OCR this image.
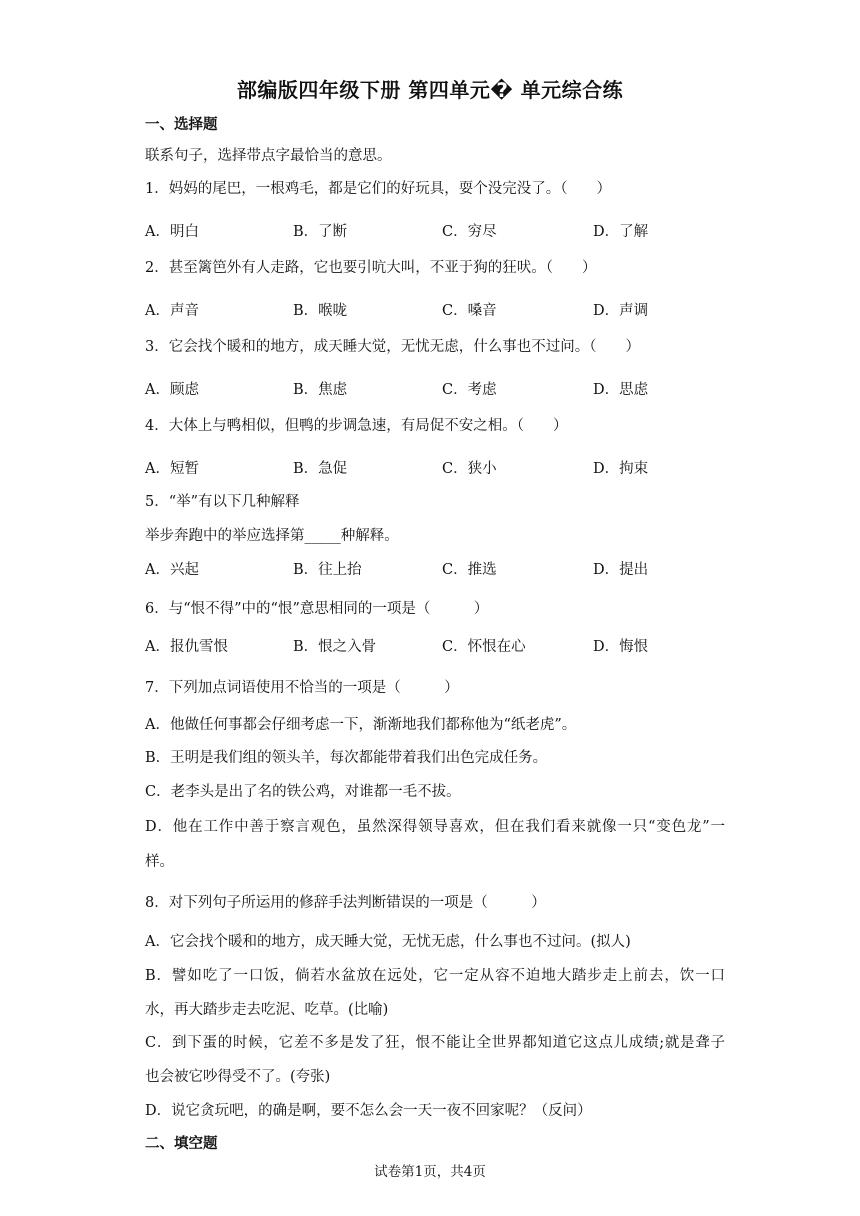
部编版四年级下册 第四单元� 单元综合练
一、选择题
联系句子，选择带点字最恰当的意思。
1．妈妈的尾巴，一根鸡毛，都是它们的好玩具，耍个没完没了。（　　）
A．明白	B．了断	C．穷尽	D．了解
2．甚至篱笆外有人走路，它也要引吭大叫，不亚于狗的狂吠。（　　）
A．声音	B．喉咙	C．嗓音	D．声调
3．它会找个暖和的地方，成天睡大觉，无忧无虑，什么事也不过问。（　　）
A．顾虑	B．焦虑	C．考虑	D．思虑
4．大体上与鸭相似，但鸭的步调急速，有局促不安之相。（　　）
A．短暂	B．急促	C．狭小	D．拘束
5．“举”有以下几种解释
举步奔跑中的举应选择第_____种解释。
A．兴起	B．往上抬	C．推选	D．提出
6．与“恨不得”中的“恨”意思相同的一项是（　　　）
A．报仇雪恨	B．恨之入骨	C．怀恨在心	D．悔恨
7．下列加点词语使用不恰当的一项是（　　　）
A．他做任何事都会仔细考虑一下，渐渐地我们都称他为“纸老虎”。
B．王明是我们组的领头羊，每次都能带着我们出色完成任务。
C．老李头是出了名的铁公鸡，对谁都一毛不拔。
D．他在工作中善于察言观色，虽然深得领导喜欢，但在我们看来就像一只“变色龙”一
样。
8．对下列句子所运用的修辞手法判断错误的一项是（　　　）
A．它会找个暖和的地方，成天睡大觉，无忧无虑，什么事也不过问。(拟人)
B．譬如吃了一口饭，倘若水盆放在远处，它一定从容不迫地大踏步走上前去，饮一口
水，再大踏步走去吃泥、吃草。(比喻)
C．到下蛋的时候，它差不多是发了狂，恨不能让全世界都知道它这点儿成绩;就是聋子
也会被它吵得受不了。(夸张)
D．说它贪玩吧，的确是啊，要不怎么会一天一夜不回家呢？（反问）
二、填空题
试卷第1页，共4页
